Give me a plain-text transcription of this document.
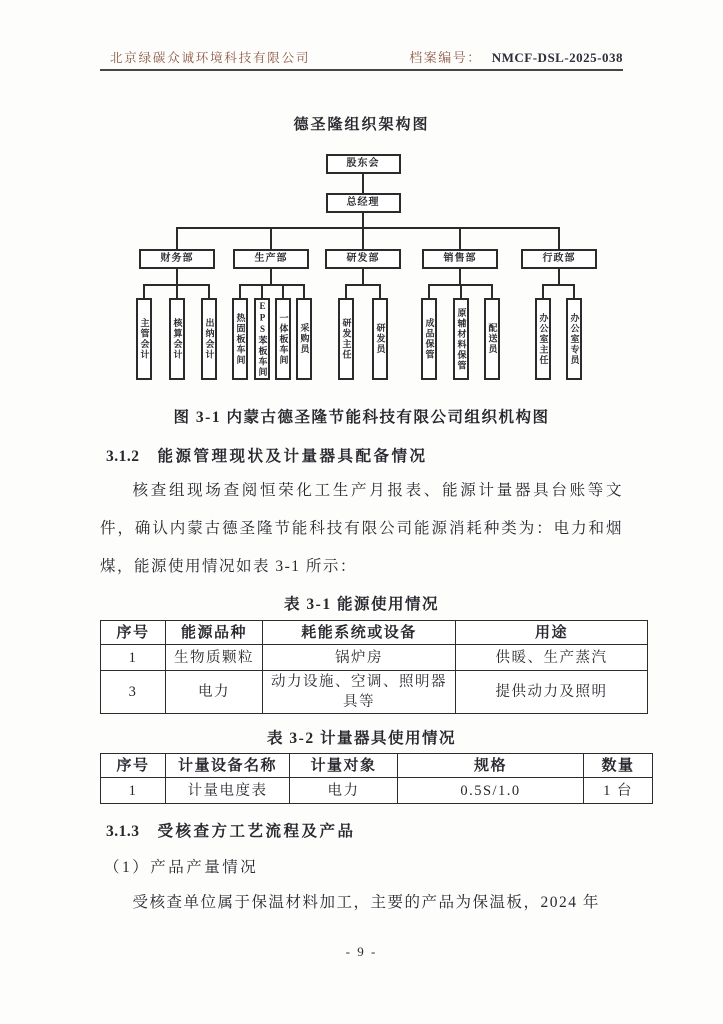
北京绿碳众诚环境科技有限公司	档案编号： NMCF-DSL-2025-038
德圣隆组织架构图
股东会
总经理
财务部
主管会计	核算会计	出纳会计
生产部
热固板车间	EPS苯板车间	一体板车间	采购员
研发部
研发主任	研发员
销售部
成品保管	原辅材料保管	配送员
行政部
办公室主任	办公室专员
图 3-1 内蒙古德圣隆节能科技有限公司组织机构图
3.1.2 能源管理现状及计量器具配备情况
核查组现场查阅恒荣化工生产月报表、能源计量器具台账等文件，确认内蒙古德圣隆节能科技有限公司能源消耗种类为：电力和烟煤，能源使用情况如表 3-1 所示：
表 3-1 能源使用情况
序号	能源品种	耗能系统或设备	用途
1	生物质颗粒	锅炉房	供暖、生产蒸汽
3	电力	动力设施、空调、照明器具等	提供动力及照明
表 3-2 计量器具使用情况
序号	计量设备名称	计量对象	规格	数量
1	计量电度表	电力	0.5S/1.0	1 台
3.1.3 受核查方工艺流程及产品
（1）产品产量情况
受核查单位属于保温材料加工，主要的产品为保温板，2024 年
- 9 -
